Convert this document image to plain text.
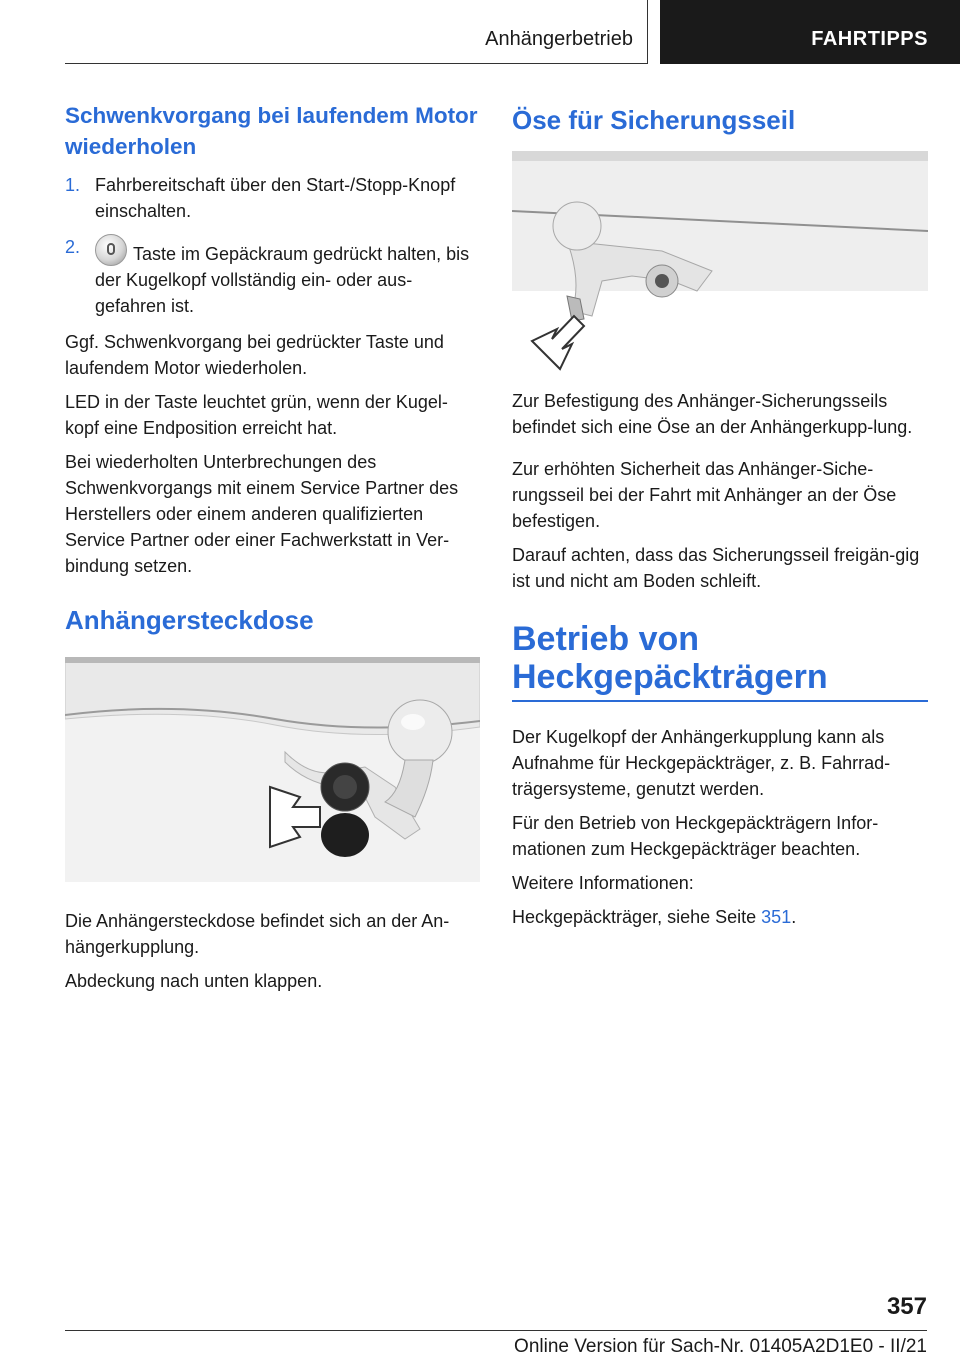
Anhängerbetrieb	FAHRTIPPS
Schwenkvorgang bei laufendem Motor wiederholen
1. Fahrbereitschaft über den Start-/Stopp-Knopf einschalten.
2.	Taste im Gepäckraum gedrückt halten, bis der Kugelkopf vollständig ein- oder aus-gefahren ist.

Ggf. Schwenkvorgang bei gedrückter Taste und laufendem Motor wiederholen.

LED in der Taste leuchtet grün, wenn der Kugel-kopf eine Endposition erreicht hat.

Bei wiederholten Unterbrechungen des Schwenkvorgangs mit einem Service Partner des Herstellers oder einem anderen qualifizierten Service Partner oder einer Fachwerkstatt in Ver-bindung setzen.

Anhängersteckdose

Die Anhängersteckdose befindet sich an der An-hängerkupplung.

Abdeckung nach unten klappen.

Öse für Sicherungsseil

Zur Befestigung des Anhänger-Sicherungsseils befindet sich eine Öse an der Anhängerkupp-lung.

Zur erhöhten Sicherheit das Anhänger-Siche-rungsseil bei der Fahrt mit Anhänger an der Öse befestigen.

Darauf achten, dass das Sicherungsseil freigän-gig ist und nicht am Boden schleift.

Betrieb von Heckgepäckträgern

Der Kugelkopf der Anhängerkupplung kann als Aufnahme für Heckgepäckträger, z. B. Fahrrad-trägersysteme, genutzt werden.

Für den Betrieb von Heckgepäckträgern Infor-mationen zum Heckgepäckträger beachten.

Weitere Informationen:

Heckgepäckträger, siehe Seite 351.

357
Online Version für Sach-Nr. 01405A2D1E0 - II/21
